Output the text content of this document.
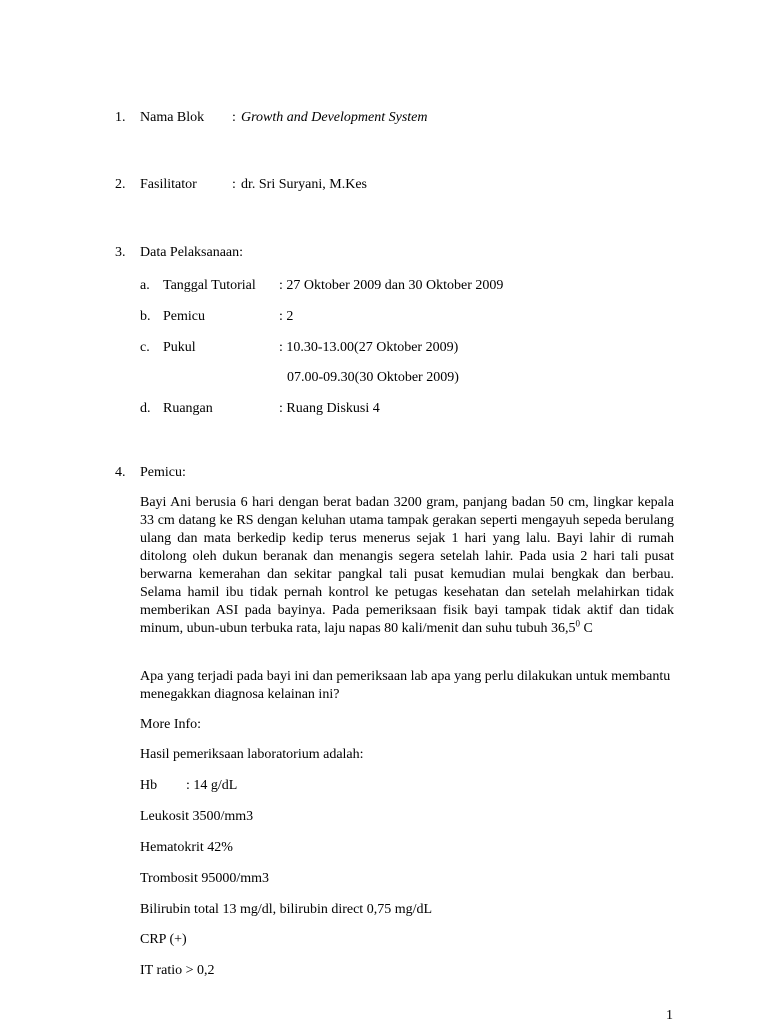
1. Nama Blok : Growth and Development System
2. Fasilitator	: dr. Sri Suryani, M.Kes
3. Data Pelaksanaan:
a. Tanggal Tutorial : 27 Oktober 2009 dan 30 Oktober 2009
b. Pemicu	: 2
c. Pukul	: 10.30-13.00(27 Oktober 2009)
07.00-09.30(30 Oktober 2009)
d. Ruangan	: Ruang Diskusi 4
4. Pemicu:
Bayi Ani berusia 6 hari dengan berat badan 3200 gram, panjang badan 50 cm, lingkar kepala 33 cm datang ke RS dengan keluhan utama tampak gerakan seperti mengayuh sepeda berulang ulang dan mata berkedip kedip terus menerus sejak 1 hari yang lalu. Bayi lahir di rumah ditolong oleh dukun beranak dan menangis segera setelah lahir. Pada usia 2 hari tali pusat berwarna kemerahan dan sekitar pangkal tali pusat kemudian mulai bengkak dan berbau. Selama hamil ibu tidak pernah kontrol ke petugas kesehatan dan setelah melahirkan tidak memberikan ASI pada bayinya. Pada pemeriksaan fisik bayi tampak tidak aktif dan tidak minum, ubun-ubun terbuka rata, laju napas 80 kali/menit dan suhu tubuh 36,5$^0$ C
Apa yang terjadi pada bayi ini dan pemeriksaan lab apa yang perlu dilakukan untuk membantu menegakkan diagnosa kelainan ini?
More Info:
Hasil pemeriksaan laboratorium adalah:
Hb : 14 g/dL
Leukosit 3500/mm3
Hematokrit 42%
Trombosit 95000/mm3
Bilirubin total 13 mg/dl, bilirubin direct 0,75 mg/dL
CRP (+)
IT ratio > 0,2
1
